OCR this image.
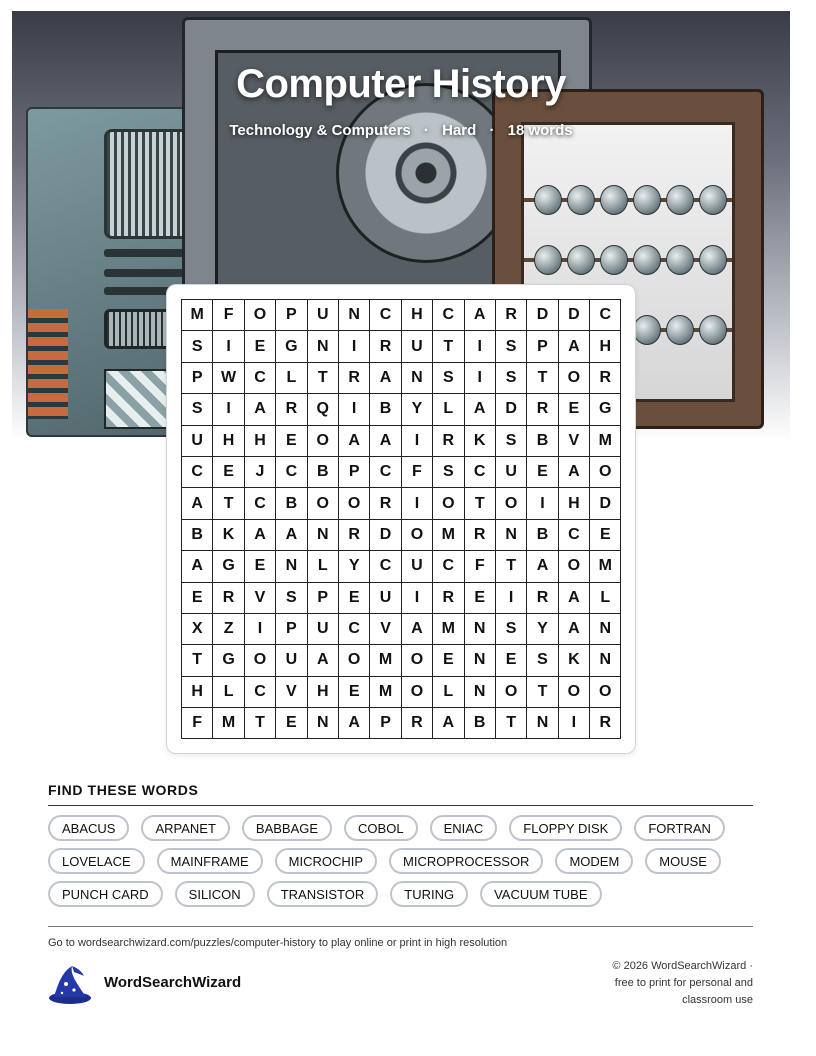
Computer History
Technology & Computers · Hard · 18 words
M	F	O	P	U	N	C	H	C	A	R	D	D	C
S	I	E	G	N	I	R	U	T	I	S	P	A	H
P	W	C	L	T	R	A	N	S	I	S	T	O	R
S	I	A	R	Q	I	B	Y	L	A	D	R	E	G
U	H	H	E	O	A	A	I	R	K	S	B	V	M
C	E	J	C	B	P	C	F	S	C	U	E	A	O
A	T	C	B	O	O	R	I	O	T	O	I	H	D
B	K	A	A	N	R	D	O	M	R	N	B	C	E
A	G	E	N	L	Y	C	U	C	F	T	A	O	M
E	R	V	S	P	E	U	I	R	E	I	R	A	L
X	Z	I	P	U	C	V	A	M	N	S	Y	A	N
T	G	O	U	A	O	M	O	E	N	E	S	K	N
H	L	C	V	H	E	M	O	L	N	O	T	O	O
F	M	T	E	N	A	P	R	A	B	T	N	I	R
FIND THESE WORDS
ABACUS	ARPANET	BABBAGE	COBOL	ENIAC	FLOPPY DISK	FORTRAN
LOVELACE	MAINFRAME	MICROCHIP	MICROPROCESSOR	MODEM	MOUSE
PUNCH CARD	SILICON	TRANSISTOR	TURING	VACUUM TUBE
Go to wordsearchwizard.com/puzzles/computer-history to play online or print in high resolution
WordSearchWizard
© 2026 WordSearchWizard ·
free to print for personal and
classroom use
